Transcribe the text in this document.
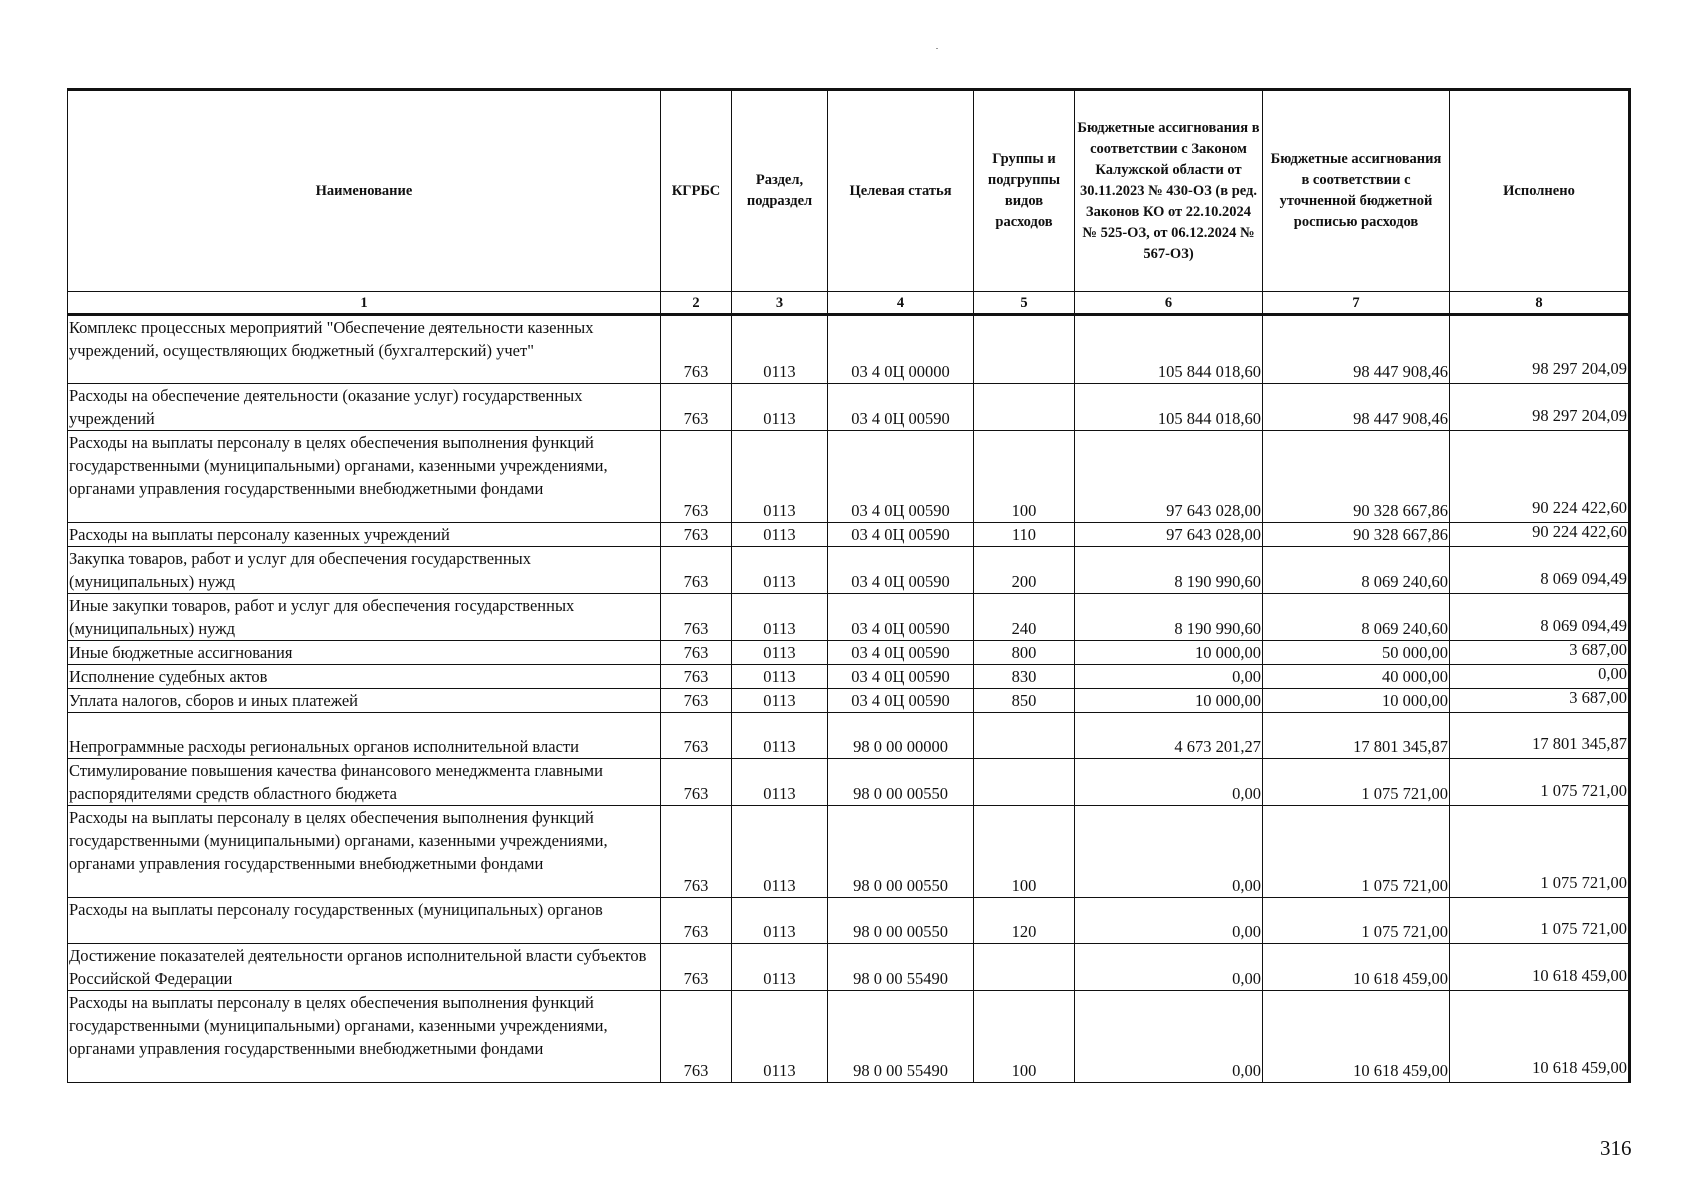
Наименование	КГРБС	Раздел, подраздел	Целевая статья	Группы и подгруппы видов расходов	Бюджетные ассигнования в соответствии с Законом Калужской области от 30.11.2023 № 430-ОЗ (в ред. Законов КО от 22.10.2024 № 525-ОЗ, от 06.12.2024 № 567-ОЗ)	Бюджетные ассигнования в соответствии с уточненной бюджетной росписью расходов	Исполнено
1	2	3	4	5	6	7	8
Комплекс процессных мероприятий "Обеспечение деятельности казенных учреждений, осуществляющих бюджетный (бухгалтерский) учет"	763	0113	03 4 0Ц 00000		105 844 018,60	98 447 908,46	98 297 204,09
Расходы на обеспечение деятельности (оказание услуг) государственных учреждений	763	0113	03 4 0Ц 00590		105 844 018,60	98 447 908,46	98 297 204,09
Расходы на выплаты персоналу в целях обеспечения выполнения функций государственными (муниципальными) органами, казенными учреждениями, органами управления государственными внебюджетными фондами	763	0113	03 4 0Ц 00590	100	97 643 028,00	90 328 667,86	90 224 422,60
Расходы на выплаты персоналу казенных учреждений	763	0113	03 4 0Ц 00590	110	97 643 028,00	90 328 667,86	90 224 422,60
Закупка товаров, работ и услуг для обеспечения государственных (муниципальных) нужд	763	0113	03 4 0Ц 00590	200	8 190 990,60	8 069 240,60	8 069 094,49
Иные закупки товаров, работ и услуг для обеспечения государственных (муниципальных) нужд	763	0113	03 4 0Ц 00590	240	8 190 990,60	8 069 240,60	8 069 094,49
Иные бюджетные ассигнования	763	0113	03 4 0Ц 00590	800	10 000,00	50 000,00	3 687,00
Исполнение судебных актов	763	0113	03 4 0Ц 00590	830	0,00	40 000,00	0,00
Уплата налогов, сборов и иных платежей	763	0113	03 4 0Ц 00590	850	10 000,00	10 000,00	3 687,00
Непрограммные расходы региональных органов исполнительной власти	763	0113	98 0 00 00000		4 673 201,27	17 801 345,87	17 801 345,87
Стимулирование повышения качества финансового менеджмента главными распорядителями средств областного бюджета	763	0113	98 0 00 00550		0,00	1 075 721,00	1 075 721,00
Расходы на выплаты персоналу в целях обеспечения выполнения функций государственными (муниципальными) органами, казенными учреждениями, органами управления государственными внебюджетными фондами	763	0113	98 0 00 00550	100	0,00	1 075 721,00	1 075 721,00
Расходы на выплаты персоналу государственных (муниципальных) органов	763	0113	98 0 00 00550	120	0,00	1 075 721,00	1 075 721,00
Достижение показателей деятельности органов исполнительной власти субъектов Российской Федерации	763	0113	98 0 00 55490		0,00	10 618 459,00	10 618 459,00
Расходы на выплаты персоналу в целях обеспечения выполнения функций государственными (муниципальными) органами, казенными учреждениями, органами управления государственными внебюджетными фондами	763	0113	98 0 00 55490	100	0,00	10 618 459,00	10 618 459,00
316
